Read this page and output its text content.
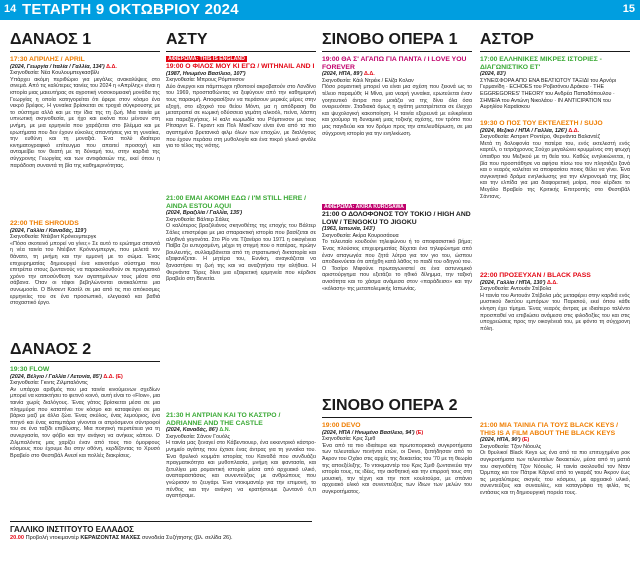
14 ΤΕΤΑΡΤΗ 9 ΟΚΤΩΒΡΙΟΥ 2024	15
ΔΑΝΑΟΣ 1
17:30 ΑΠΡΙΛΗΣ / APRIL
(2024, Γεωργία / Ιταλία / Γαλλία, 134') Δ.Δ.
Σκηνοθεσία: Νέα Κουλουμπεγκασβίλι
Υπάρχει ακόμη περιθώριο για μεγάλες ανακαλύψεις στο σινεμά. Από τις καλύτερες ταινίες του 2024 η «Απρίλης» είναι η ιστορία μιας μαιευτήρας σε αγροτική νοσοκομειακή μονάδα της Γεωργίας η οποία κατηγορείται ότι έφερε στον κόσμο ένα νεκρό βρέφος. Η γυναίκα βρίσκεται σε τροχιά σύγκρουσης με το σύστημα αλλά και με την ίδια της τη ζωή. Μια ταινία με υπνωτική σκηνοθεσία, με ήχο και εικόνα που μένουν στη μνήμη, με μια ερμηνεία που χαράζεται στο βλέμμα και με ερωτήματα που δεν έχουν εύκολες απαντήσεις για τη γυναίκα, την ευθύνη και τη μοναξιά. Ένα πολύ ιδιαίτερο κινηματογραφικό επίτευγμα που απαιτεί προσοχή και ανταμείβει τον θεατή με τη δύναμή του, στην καρδιά της σύγχρονης Γεωργίας και των αντιφάσεών της, εκεί όπου η παράδοση συναντά τη βία της καθημερινότητας.
22:00 THE SHROUDS
(2024, Γαλλία / Καναδάς, 119')
Σκηνοθεσία: Ντέιβιντ Κρόνενμπεργκ
«Πόσο σκοτεινό μπορεί να γίνει;» Σε αυτό το ερώτημα απαντά η νέα ταινία του Ντέιβιντ Κρόνενμπεργκ, που μελετά τον θάνατο, τη μνήμη και την εμμονή με το σώμα. Ένας επιχειρηματίας δημιουργεί ένα καινοτόμο σύστημα που επιτρέπει στους ζωντανούς να παρακολουθούν σε πραγματικό χρόνο την αποσύνθεση των αγαπημένων τους μέσα στα σάβανα. Όταν οι τάφοι βεβηλώνονται ανακαλύπτει μια συνωμοσία. Ο Βίνσεντ Κασέλ σε μια από τις πιο απόκοσμες ερμηνείες του σε ένα προσωπικό, ελεγειακό και βαθιά στοχαστικό έργο.
ΔΑΝΑΟΣ 2
19:30 FLOW
(2024, Βέλγιο / Γαλλία / Λετονία, 85') Δ.Δ. (Ε)
Σκηνοθεσία: Γκιντς Ζιλμπαλόντις
Αν υπάρχει αριθμός που μια ταινία κινούμενων σχεδίων μπορεί να κατακτήσει το φετινό κοινό, αυτή είναι το «Flow», μια ταινία χωρίς διαλόγους. Ένας γάτος βρίσκεται μέσα σε μια πλημμύρα που καταπίνει τον κόσμο και καταφεύγει σε μια βάρκα μαζί με άλλα ζώα. Ένας σκύλος, ένας λεμούριος, ένα πτηνό και ένας καπιμπάρα γίνονται οι απρόσμενοι σύντροφοί του σε ένα ταξίδι επιβίωσης. Μια ποιητική περιπέτεια για τη συνεργασία, τον φόβο και την ανάγκη να ανήκεις κάπου. Ο Ζιλμπαλόντις μας χαρίζει έναν από τους πιο όμορφους κόσμους που έχουμε δει στην οθόνη, κερδίζοντας το Χρυσό Βραβείο στο Φεστιβάλ Ανεσί και πολλές διακρίσεις.
ΑΣΤΥ
ΑΦΙΕΡΩΜΑ: THIS IS ENGLAND
19:00 Ο ΦΙΛΟΣ ΜΟΥ ΚΙ ΕΓΩ / WITHNAIL AND I
(1987, Ηνωμένο Βασίλειο, 107')
Σκηνοθεσία: Μπρους Ρόμπινσον
Δύο άνεργοι και πάμπτωχοι ηθοποιοί ακροβατούν στο Λονδίνο του 1969, προσπαθώντας να ξεφύγουν από την καθημερινή τους παρακμή. Αποφασίζουν να περάσουν μερικές μέρες στην εξοχή, στο εξοχικό του θείου Μόντι, μα η απόδραση θα μετατραπεί σε κωμική οδύσσεια γεμάτη αλκοόλ, πείνα, λάσπη και παρεξηγήσεις. Η καλτ κωμωδία του Ρόμπινσον με τους Ρίτσαρντ Ε. Γκραντ και Πολ ΜακΓκαν είναι ένα από τα πιο αγαπημένα βρετανικά φιλμ όλων των εποχών, με διαλόγους που έχουν περάσει στη μυθολογία και ένα πικρό γλυκό φινάλε για το τέλος της νιότης.
21:00 ΕΜΑΙ ΑΚΟΜΗ ΕΔΩ / I'M STILL HERE / AINDA ESTOU AQUI
(2024, Βραζιλία / Γαλλία, 135')
Σκηνοθεσία: Βάλτερ Σάλες
Ο καλύτερος βραζιλιάνος σκηνοθέτης της εποχής του Βάλτερ Σάλες επιστρέφει με μια σπαρακτική ιστορία που βασίζεται σε αληθινά γεγονότα. Στο Ρίο ντε Τζανέιρο του 1971 η οικογένεια Παΐβα ζει ευτυχισμένη, μέχρι τη στιγμή που ο πατέρας, πρώην βουλευτής, συλλαμβάνεται από τη στρατιωτική δικτατορία και εξαφανίζεται. Η μητέρα του, Ευνίκη, αναγκάζεται να ξαναστήσει τη ζωή της και να αναζητήσει την αλήθεια. Η Φερνάντα Τόρες δίνει μια εξαιρετική ερμηνεία που κέρδισε βραβείο στη Βενετία.
21:30 Η ΑΝΤΡΙΑΝ ΚΑΙ ΤΟ ΚΑΣΤΡΟ / ADRIANNE AND THE CASTLE
(2024, Καναδάς, 86') Δ.Ν.
Σκηνοθεσία: Σάνον Γουόλς
Η ταινία μας ξεναγεί στο Κάβεντιουερ, ένα εκκεντρικό κάστρο-μνημείο αγάπης που έχτισε ένας άντρας για τη γυναίκα του. Ένα θρυλικό κομμάτι ιστορίας του Καναδά που συνδυάζει πραγματικότητα και μυθοπλασία, μνήμη και φαντασία, και ξετυλίγει μια ρομαντική ιστορία μέσα από αρχειακό υλικό, αναπαραστάσεις και συνεντεύξεις με ανθρώπους που γνώρισαν το ζευγάρι. Ένα ντοκιμαντέρ για την επιμονή, το πένθος και την ανάγκη να κρατήσουμε ζωντανό ό,τι αγαπήσαμε.
ΣΙΝΟΒΟ ΟΠΕΡΑ 1
19:00 ΘΑ Σ' ΑΓΑΠΩ ΓΙΑ ΠΑΝΤΑ / I LOVE YOU FOREVER
(2024, ΗΠΑ, 89') Δ.Δ.
Σκηνοθεσία: Κάιλ Ντρέικ / Ελίζα Κολαν
Πόσο ρομαντική μπορεί να είναι μια σχέση που ξεκινά ως το τέλειο παραμύθι; Η Μίνα, μια νεαρή γυναίκα, ερωτεύεται έναν γοητευτικό άντρα που μοιάζει να της δίνει όλα όσα ονειρευόταν. Σταδιακά όμως η αγάπη μετατρέπεται σε έλεγχο και ψυχολογική κακοποίηση. Η ταινία εξερευνά με ειλικρίνεια και χιούμορ τη δυναμική μιας τοξικής σχέσης, τον τρόπο που μας παγιδεύει και τον δρόμο προς την απελευθέρωση, σε μια σύγχρονη ιστορία για την ενηλικίωση.
ΑΦΙΕΡΩΜΑ: AKIRA KUROSAWA
21:00 Ο ΔΟΛΟΦΟΝΟΣ ΤΟΥ ΤΟΚΙΟ / HIGH AND LOW / TENGOKU TO JIGOKU
(1963, Ιαπωνία, 143')
Σκηνοθεσία: Ακίρα Κουροσάουα
Το τελευταίο κουδούνι τηλεφώνου ή το αποφασιστικό βήμα; Ένας πλούσιος επιχειρηματίας δέχεται ένα τηλεφώνημα από έναν απαγωγέα που ζητά λύτρα για τον γιο του, ώσπου αποδεικνύεται ότι απήχθη κατά λάθος το παιδί του οδηγού του. Ο Τοσίρο Μιφούνε πρωταγωνιστεί σε ένα αστυνομικό αριστούργημα που εξετάζει το ηθικό δίλημμα, την ταξική ανισότητα και το χάσμα ανάμεσα στον «παράδεισο» και την «κόλαση» της μεταπολεμικής Ιαπωνίας.
ΣΙΝΟΒΟ ΟΠΕΡΑ 2
19:00 DEVO
(2024, ΗΠΑ / Ηνωμένο Βασίλειο, 94') (Ε)
Σκηνοθεσία: Κρις Σμιθ
Ένα από τα πιο ιδιαίτερα και πρωτοποριακά συγκροτήματα των τελευταίων πενήντα ετών, οι Devo, ξεπήδησαν από το Άκρον του Οχάιο στις αρχές της δεκαετίας του '70 με τη θεωρία της αποεξέλιξης. Το ντοκιμαντέρ του Κρις Σμιθ ζωντανεύει την ιστορία τους, τις ιδέες, την αισθητική και την επιρροή τους στη μουσική, την τέχνη και την ποπ κουλτούρα, με σπάνιο αρχειακό υλικό και συνεντεύξεις των ίδιων των μελών του συγκροτήματος.
ΑΣΤΟΡ
17:00 ΕΛΛΗΝΙΚΕΣ ΜΙΚΡΕΣ ΙΣΤΟΡΙΕΣ - ΔΙΑΓΩΝΙΣΤΙΚΟ ΕΤ'
(2024, 83')
ΣΥΝΕΙΣΦΟΡΑ ΑΠΟ ΕΝΑ ΒΕΛΤΙΩΤΟΥ ΤΑΞΙΔΙ του Αρνόρι Γερμανίδη · ECHOES του Ροβισόνου Δράκου · THE EGGREGORES' THEORY του Ανδρέα Παπαδόπουλου · ΣΗΜΕΙΑ του Αντώνη Νικολάου · ΙΝ ANTICIPATION του Αυρηλίου Καραϊσκου
19:30 Ο ΠΟΣ ΤΟΥ ΕΚΤΕΛΕΣΤΗ / SUJO
(2024, Μεξικό / ΗΠΑ / Γαλλία, 126') Δ.Δ.
Σκηνοθεσία: Αστριντ Ροντέρο, Φερνάντα Βαλαντέζ
Μετά τη δολοφονία του πατέρα του, ενός εκτελεστή ενός καρτέλ, ο τετράχρονος Σούχο μεγαλώνει κρυμμένος στη φτωχή ύπαιθρο του Μεξικού με τη θεία του. Καθώς ενηλικιώνεται, η βία που προσπάθησε να αφήσει πίσω του τον πλησιάζει ξανά και ο νεαρός καλείται να αποφασίσει ποιος θέλει να γίνει. Ένα συγκινητικό δράμα ενηλικίωσης για την κληρονομιά της βίας και την ελπίδα για μια διαφορετική μοίρα, που κέρδισε το Μεγάλο Βραβείο της Κριτικής Επιτροπής στο Φεστιβάλ Σάντανς.
22:00 ΠΡΟΣΕΥΧΑΝ / BLACK PASS
(2024, Γαλλία / ΗΠΑ, 130') Δ.Δ.
Σκηνοθεσία: Αντουάν Στέβολα
Η ταινία του Αντουάν Στέβολα μάς μεταφέρει στην καρδιά ενός μυστικού δικτύου εμπόρων του Παρισιού, εκεί όπου κάθε κίνηση έχει τίμημα. Ένας νεαρός άντρας με ιδιαίτερο ταλέντο προσπαθεί να επιβιώσει ανάμεσα στις φιλοδοξίες του και στις υποχρεώσεις προς την οικογένειά του, με φόντο τη σύγχρονη πόλη.
21:00 ΜΙΑ ΤΑΙΝΙΑ ΓΙΑ ΤΟΥΣ BLACK KEYS / THIS IS A FILM ABOUT THE BLACK KEYS
(2024, ΗΠΑ, 90') (Ε)
Σκηνοθεσία: Τζον Νόουλς
Οι θρυλικοί Black Keys ως ένα από τα πιο επιτυχημένα ροκ συγκροτήματα των τελευταίων δεκαετιών, μέσα από τη ματιά του σκηνοθέτη Τζον Νόουλς. Η ταινία ακολουθεί τον Νταν Ώρμπαχ και τον Πάτρικ Κάρνεϊ από το γκαράζ του Άκρον έως τις μεγαλύτερες σκηνές του κόσμου, με αρχειακό υλικό, συνεντεύξεις και συναυλίες, και καταγράφει τη φιλία, τις εντάσεις και τη δημιουργική πορεία τους.
ΓΑΛΛΙΚΟ ΙΝΣΤΙΤΟΥΤΟ ΕΛΛΑΔΟΣ
20.00 Προβολή ντοκιμαντέρ ΚΕΡΑΙΖΟΝΤΑΣ ΜΑΧΕΣ συνοδεία Συζήτησης (βλ. σελίδα 26).
